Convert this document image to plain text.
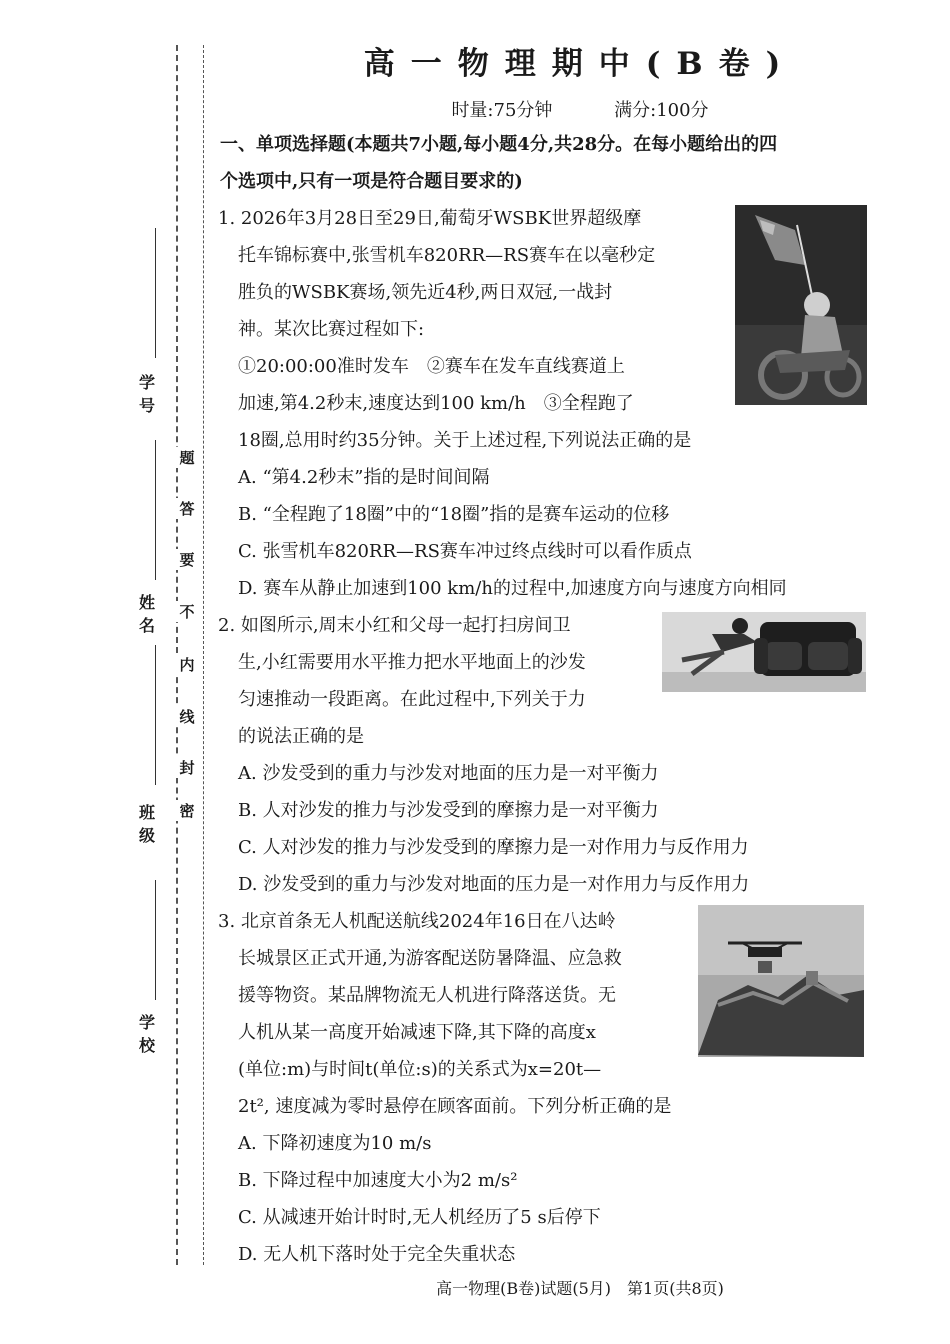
学 校
班 级
姓 名
学 号
密
封
线
内
不
要
答
题
高一物理期中(B卷)
时量:75分钟	满分:100分
一、单项选择题(本题共7小题,每小题4分,共28分。在每小题给出的四
个选项中,只有一项是符合题目要求的)
1. 2026年3月28日至29日,葡萄牙WSBK世界超级摩
托车锦标赛中,张雪机车820RR—RS赛车在以毫秒定
胜负的WSBK赛场,领先近4秒,两日双冠,一战封
神。某次比赛过程如下:
①20:00:00准时发车　②赛车在发车直线赛道上
加速,第4.2秒末,速度达到100 km/h　③全程跑了
18圈,总用时约35分钟。关于上述过程,下列说法正确的是
A. “第4.2秒末”指的是时间间隔
B. “全程跑了18圈”中的“18圈”指的是赛车运动的位移
C. 张雪机车820RR—RS赛车冲过终点线时可以看作质点
D. 赛车从静止加速到100 km/h的过程中,加速度方向与速度方向相同
2. 如图所示,周末小红和父母一起打扫房间卫
生,小红需要用水平推力把水平地面上的沙发
匀速推动一段距离。在此过程中,下列关于力
的说法正确的是
A. 沙发受到的重力与沙发对地面的压力是一对平衡力
B. 人对沙发的推力与沙发受到的摩擦力是一对平衡力
C. 人对沙发的推力与沙发受到的摩擦力是一对作用力与反作用力
D. 沙发受到的重力与沙发对地面的压力是一对作用力与反作用力
3. 北京首条无人机配送航线2024年16日在八达岭
长城景区正式开通,为游客配送防暑降温、应急救
援等物资。某品牌物流无人机进行降落送货。无
人机从某一高度开始减速下降,其下降的高度x
(单位:m)与时间t(单位:s)的关系式为x=20t—
2t², 速度减为零时悬停在顾客面前。下列分析正确的是
A. 下降初速度为10 m/s
B. 下降过程中加速度大小为2 m/s²
C. 从减速开始计时时,无人机经历了5 s后停下
D. 无人机下落时处于完全失重状态
高一物理(B卷)试题(5月)　第1页(共8页)
